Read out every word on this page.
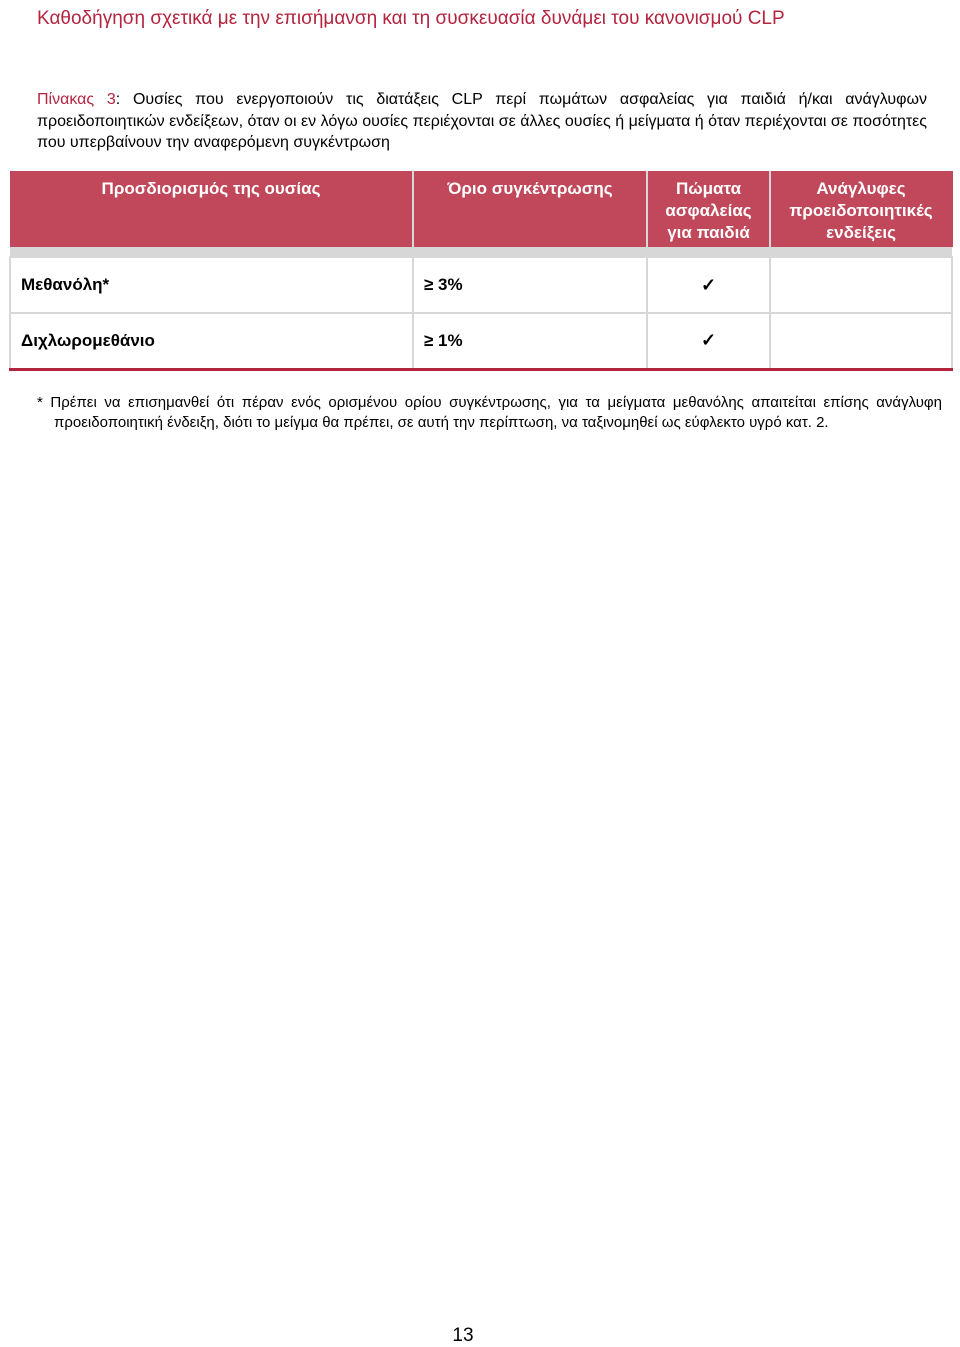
Καθοδήγηση σχετικά με την επισήμανση και τη συσκευασία δυνάμει του κανονισμού CLP
Πίνακας 3: Ουσίες που ενεργοποιούν τις διατάξεις CLP περί πωμάτων ασφαλείας για παιδιά ή/και ανάγλυφων προειδοποιητικών ενδείξεων, όταν οι εν λόγω ουσίες περιέχονται σε άλλες ουσίες ή μείγματα ή όταν περιέχονται σε ποσότητες που υπερβαίνουν την αναφερόμενη συγκέντρωση
Προσδιορισμός της ουσίας	Όριο συγκέντρωσης	Πώματα ασφαλείας για παιδιά	Ανάγλυφες προειδοποιητικές ενδείξεις

Μεθανόλη*	≥ 3%	✓	
Διχλωρομεθάνιο	≥ 1%	✓	
* Πρέπει να επισημανθεί ότι πέραν ενός ορισμένου ορίου συγκέντρωσης, για τα μείγματα μεθανόλης απαιτείται επίσης ανάγλυφη προειδοποιητική ένδειξη, διότι το μείγμα θα πρέπει, σε αυτή την περίπτωση, να ταξινομηθεί ως εύφλεκτο υγρό κατ. 2.
13
